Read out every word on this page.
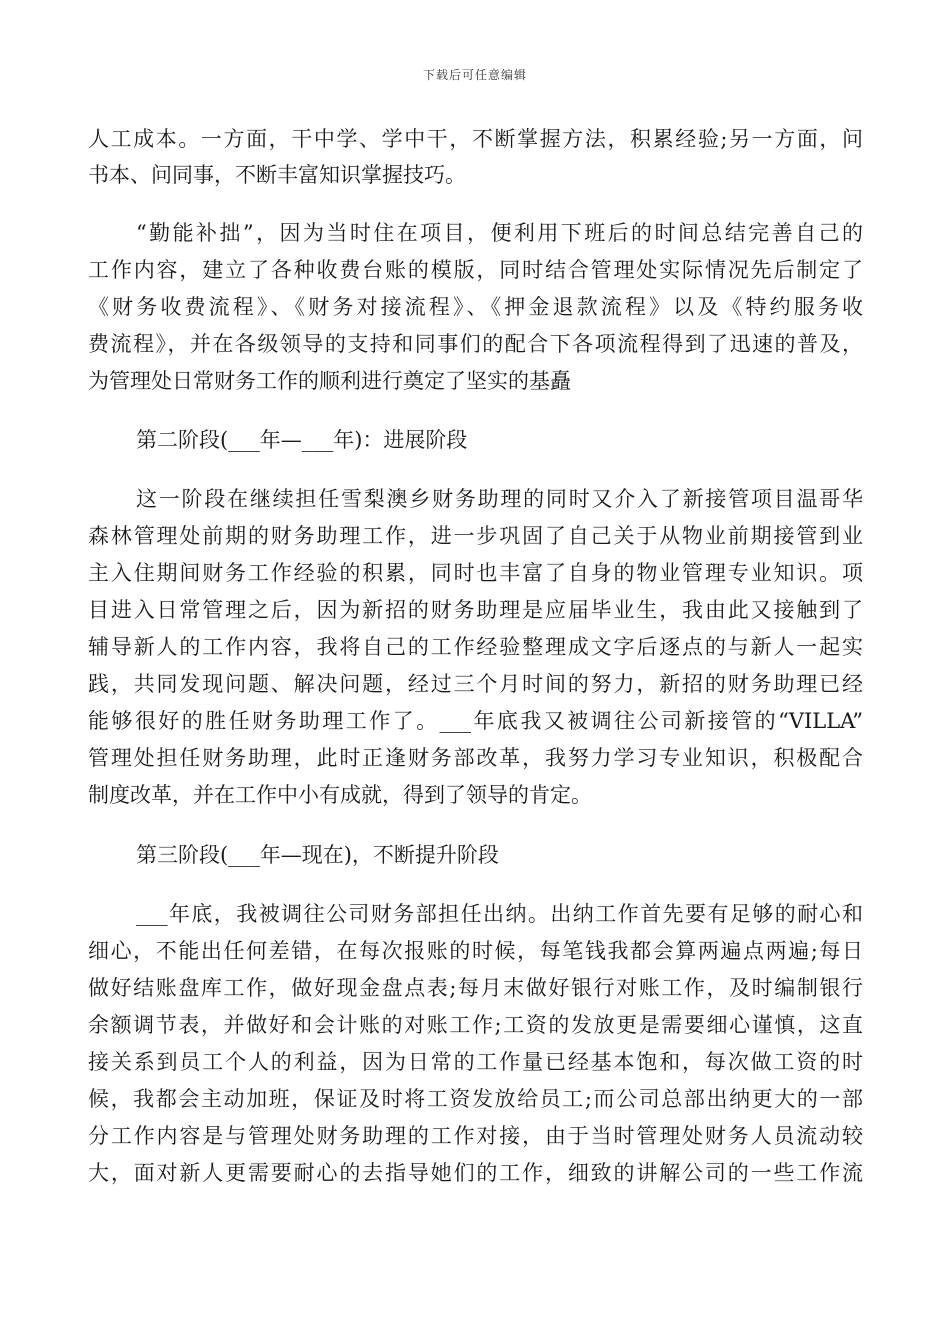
下载后可任意编辑
人工成本。一方面，干中学、学中干，不断掌握方法，积累经验;另一方面，问
书本、问同事，不断丰富知识掌握技巧。
“勤能补拙”，因为当时住在项目，便利用下班后的时间总结完善自己的
工作内容，建立了各种收费台账的模版，同时结合管理处实际情况先后制定了
《财务收费流程》、《财务对接流程》、《押金退款流程》以及《特约服务收
费流程》，并在各级领导的支持和同事们的配合下各项流程得到了迅速的普及，
为管理处日常财务工作的顺利进行奠定了坚实的基矗
第二阶段(___年—___年)：进展阶段
这一阶段在继续担任雪梨澳乡财务助理的同时又介入了新接管项目温哥华
森林管理处前期的财务助理工作，进一步巩固了自己关于从物业前期接管到业
主入住期间财务工作经验的积累，同时也丰富了自身的物业管理专业知识。项
目进入日常管理之后，因为新招的财务助理是应届毕业生，我由此又接触到了
辅导新人的工作内容，我将自己的工作经验整理成文字后逐点的与新人一起实
践，共同发现问题、解决问题，经过三个月时间的努力，新招的财务助理已经
能够很好的胜任财务助理工作了。___年底我又被调往公司新接管的“VILLA”
管理处担任财务助理，此时正逢财务部改革，我努力学习专业知识，积极配合
制度改革，并在工作中小有成就，得到了领导的肯定。
第三阶段(___年—现在)，不断提升阶段
___年底，我被调往公司财务部担任出纳。出纳工作首先要有足够的耐心和
细心，不能出任何差错，在每次报账的时候，每笔钱我都会算两遍点两遍;每日
做好结账盘库工作，做好现金盘点表;每月末做好银行对账工作，及时编制银行
余额调节表，并做好和会计账的对账工作;工资的发放更是需要细心谨慎，这直
接关系到员工个人的利益，因为日常的工作量已经基本饱和，每次做工资的时
候，我都会主动加班，保证及时将工资发放给员工;而公司总部出纳更大的一部
分工作内容是与管理处财务助理的工作对接，由于当时管理处财务人员流动较
大，面对新人更需要耐心的去指导她们的工作，细致的讲解公司的一些工作流
